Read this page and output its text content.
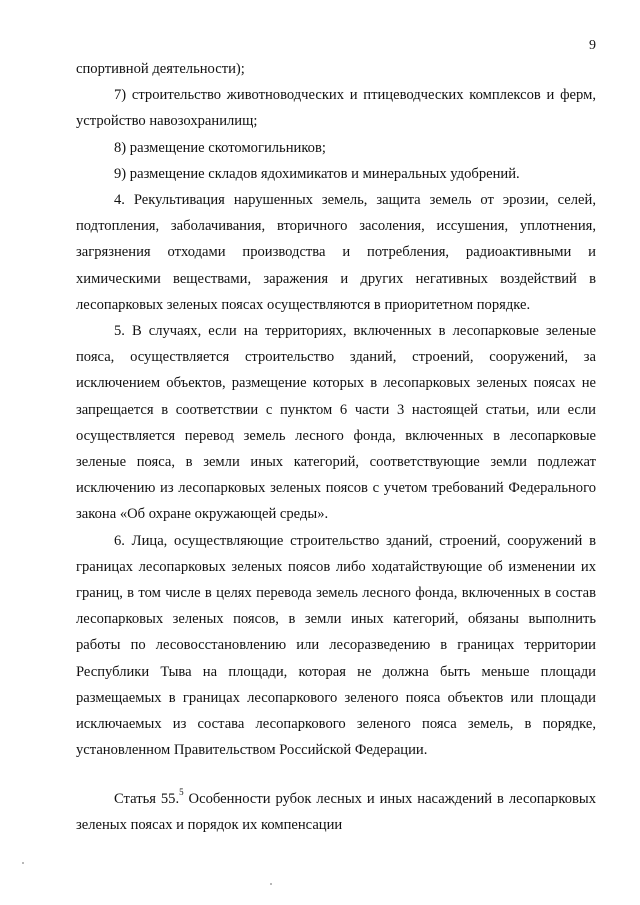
9

спортивной деятельности);

7) строительство животноводческих и птицеводческих комплексов и ферм, устройство навозохранилищ;

8) размещение скотомогильников;

9) размещение складов ядохимикатов и минеральных удобрений.

4. Рекультивация нарушенных земель, защита земель от эрозии, селей, подтопления, заболачивания, вторичного засоления, иссушения, уплотнения, загрязнения отходами производства и потребления, радиоактивными и химическими веществами, заражения и других негативных воздействий в лесопарковых зеленых поясах осуществляются в приоритетном порядке.

5. В случаях, если на территориях, включенных в лесопарковые зеленые пояса, осуществляется строительство зданий, строений, сооружений, за исключением объектов, размещение которых в лесопарковых зеленых поясах не запрещается в соответствии с пунктом 6 части 3 настоящей статьи, или если осуществляется перевод земель лесного фонда, включенных в лесопарковые зеленые пояса, в земли иных категорий, соответствующие земли подлежат исключению из лесопарковых зеленых поясов с учетом требований Федерального закона «Об охране окружающей среды».

6. Лица, осуществляющие строительство зданий, строений, сооружений в границах лесопарковых зеленых поясов либо ходатайствующие об изменении их границ, в том числе в целях перевода земель лесного фонда, включенных в состав лесопарковых зеленых поясов, в земли иных категорий, обязаны выполнить работы по лесовосстановлению или лесоразведению в границах территории Республики Тыва на площади, которая не должна быть меньше площади размещаемых в границах лесопаркового зеленого пояса объектов или площади исключаемых из состава лесопаркового зеленого пояса земель, в порядке, установленном Правительством Российской Федерации.

Статья 55.$^5$ Особенности рубок лесных и иных насаждений в лесопарковых зеленых поясах и порядок их компенсации
